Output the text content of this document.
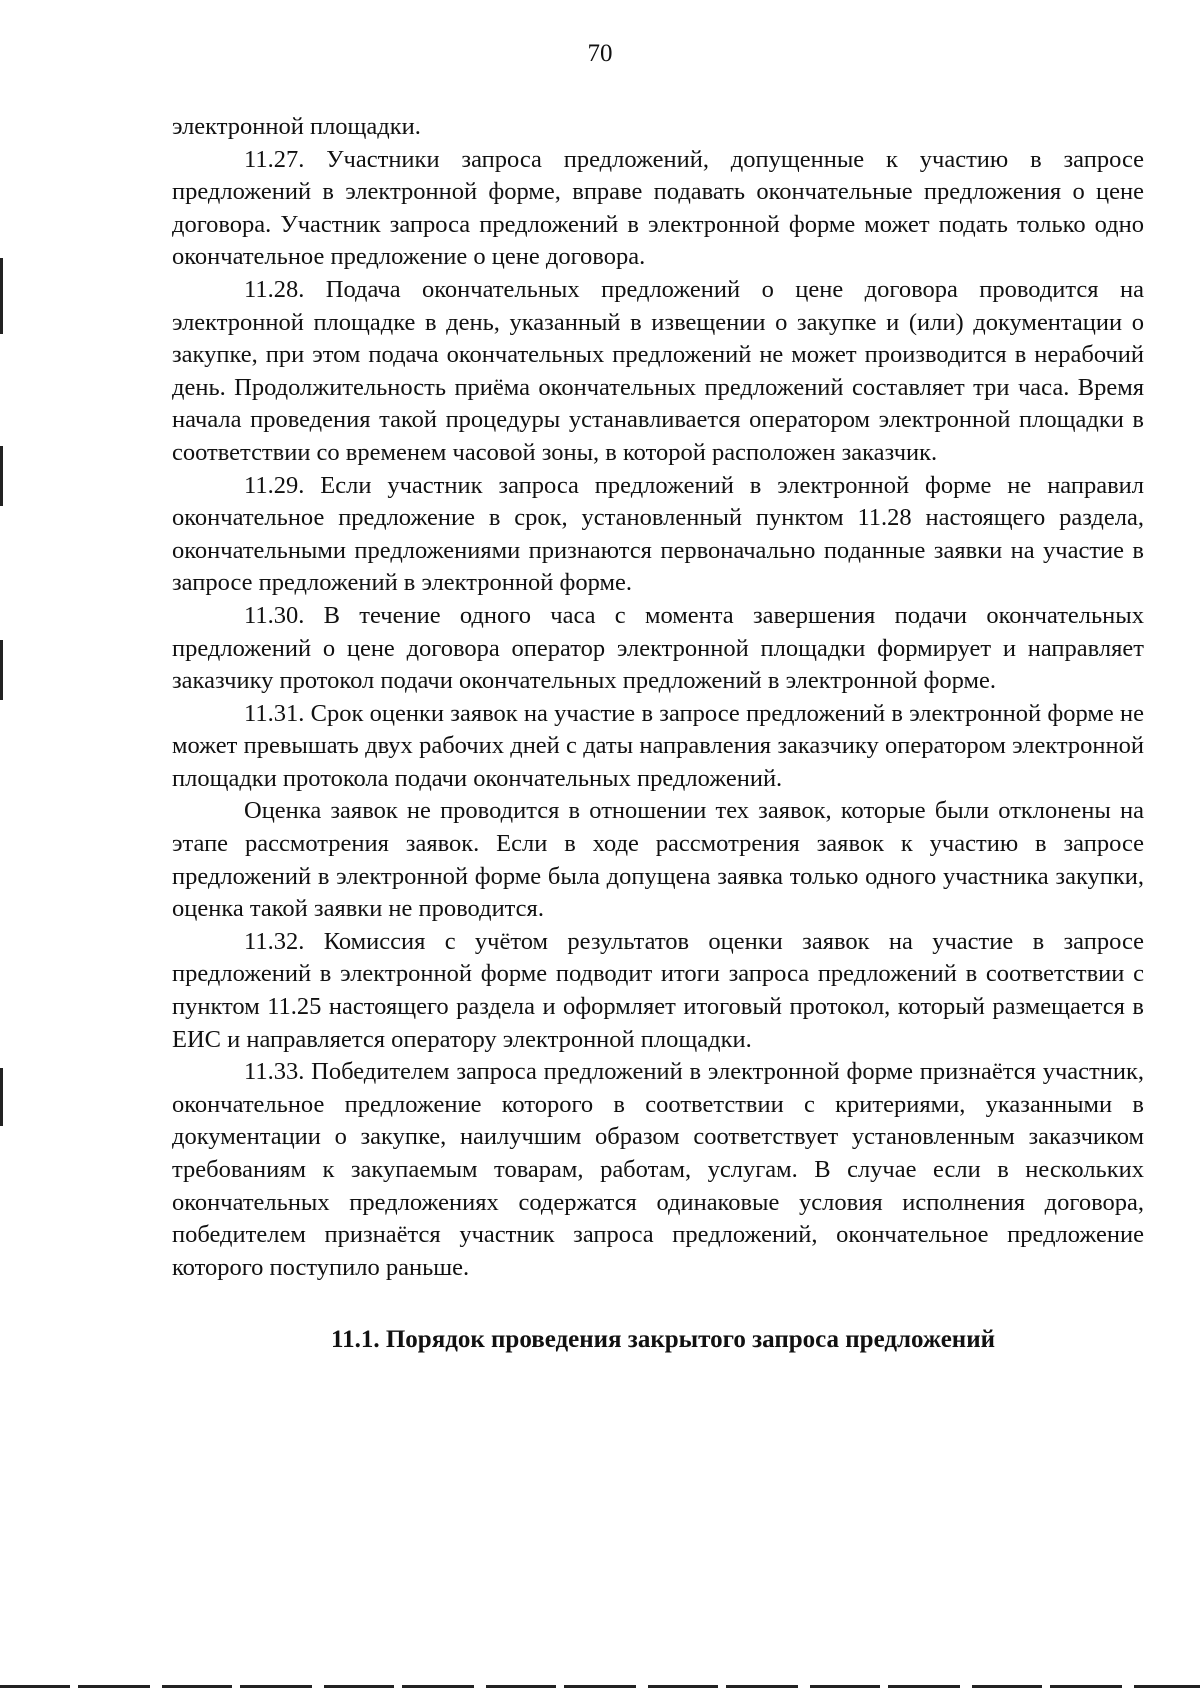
70

электронной площадки.

11.27. Участники запроса предложений, допущенные к участию в запросе предложений в электронной форме, вправе подавать окончательные предложения о цене договора. Участник запроса предложений в электронной форме может подать только одно окончательное предложение о цене договора.

11.28. Подача окончательных предложений о цене договора проводится на электронной площадке в день, указанный в извещении о закупке и (или) документации о закупке, при этом подача окончательных предложений не может производится в нерабочий день. Продолжительность приёма окончательных предложений составляет три часа. Время начала проведения такой процедуры устанавливается оператором электронной площадки в соответствии со временем часовой зоны, в которой расположен заказчик.

11.29. Если участник запроса предложений в электронной форме не направил окончательное предложение в срок, установленный пунктом 11.28 настоящего раздела, окончательными предложениями признаются первоначально поданные заявки на участие в запросе предложений в электронной форме.

11.30. В течение одного часа с момента завершения подачи окончательных предложений о цене договора оператор электронной площадки формирует и направляет заказчику протокол подачи окончательных предложений в электронной форме.

11.31. Срок оценки заявок на участие в запросе предложений в электронной форме не может превышать двух рабочих дней с даты направления заказчику оператором электронной площадки протокола подачи окончательных предложений.

Оценка заявок не проводится в отношении тех заявок, которые были отклонены на этапе рассмотрения заявок. Если в ходе рассмотрения заявок к участию в запросе предложений в электронной форме была допущена заявка только одного участника закупки, оценка такой заявки не проводится.

11.32. Комиссия с учётом результатов оценки заявок на участие в запросе предложений в электронной форме подводит итоги запроса предложений в соответствии с пунктом 11.25 настоящего раздела и оформляет итоговый протокол, который размещается в ЕИС и направляется оператору электронной площадки.

11.33. Победителем запроса предложений в электронной форме признаётся участник, окончательное предложение которого в соответствии с критериями, указанными в документации о закупке, наилучшим образом соответствует установленным заказчиком требованиям к закупаемым товарам, работам, услугам. В случае если в нескольких окончательных предложениях содержатся одинаковые условия исполнения договора, победителем признаётся участник запроса предложений, окончательное предложение которого поступило раньше.

11.1. Порядок проведения закрытого запроса предложений
